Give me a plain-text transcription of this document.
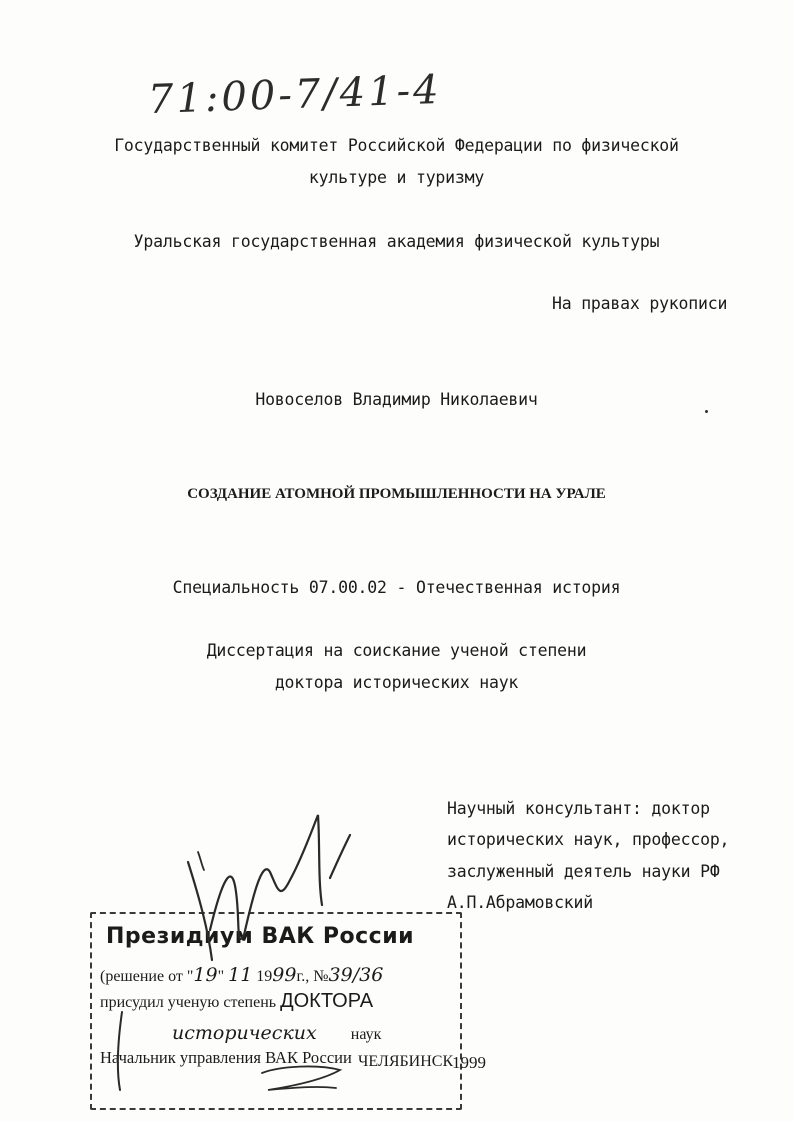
71:00-7/41-4
Государственный комитет Российской Федерации по физической
культуре и туризму
Уральская государственная академия физической культуры
На правах рукописи
Новоселов Владимир Николаевич
СОЗДАНИЕ АТОМНОЙ ПРОМЫШЛЕННОСТИ НА УРАЛЕ
Специальность 07.00.02 - Отечественная история
Диссертация на соискание ученой степени
доктора исторических наук
Научный консультант: доктор
исторических наук, профессор,
заслуженный деятель науки РФ
А.П.Абрамовский
Президиум ВАК России
(решение от "19" 11 1999г., №39/36
присудил ученую степень ДОКТОРА
исторических наук
Начальник управления ВАК России ЧЕЛЯБИНСК
1999
